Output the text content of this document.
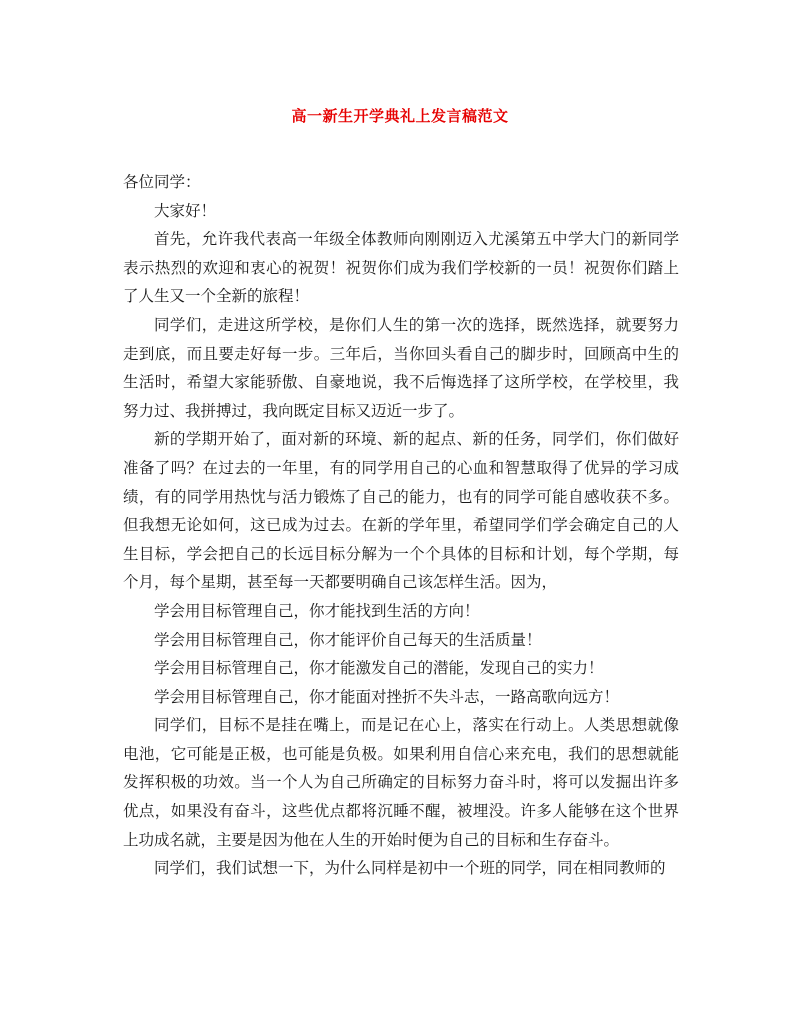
高一新生开学典礼上发言稿范文

各位同学：

大家好！

首先，允许我代表高一年级全体教师向刚刚迈入尤溪第五中学大门的新同学表示热烈的欢迎和衷心的祝贺！祝贺你们成为我们学校新的一员！祝贺你们踏上了人生又一个全新的旅程！

同学们，走进这所学校，是你们人生的第一次的选择，既然选择，就要努力走到底，而且要走好每一步。三年后，当你回头看自己的脚步时，回顾高中生的生活时，希望大家能骄傲、自豪地说，我不后悔选择了这所学校，在学校里，我努力过、我拼搏过，我向既定目标又迈近一步了。

新的学期开始了，面对新的环境、新的起点、新的任务，同学们，你们做好准备了吗？在过去的一年里，有的同学用自己的心血和智慧取得了优异的学习成绩，有的同学用热忱与活力锻炼了自己的能力，也有的同学可能自感收获不多。但我想无论如何，这已成为过去。在新的学年里，希望同学们学会确定自己的人生目标，学会把自己的长远目标分解为一个个具体的目标和计划，每个学期，每个月，每个星期，甚至每一天都要明确自己该怎样生活。因为，

学会用目标管理自己，你才能找到生活的方向！

学会用目标管理自己，你才能评价自己每天的生活质量！

学会用目标管理自己，你才能激发自己的潜能，发现自己的实力！

学会用目标管理自己，你才能面对挫折不失斗志，一路高歌向远方！

同学们，目标不是挂在嘴上，而是记在心上，落实在行动上。人类思想就像电池，它可能是正极，也可能是负极。如果利用自信心来充电，我们的思想就能发挥积极的功效。当一个人为自己所确定的目标努力奋斗时，将可以发掘出许多优点，如果没有奋斗，这些优点都将沉睡不醒，被埋没。许多人能够在这个世界上功成名就，主要是因为他在人生的开始时便为自己的目标和生存奋斗。

同学们，我们试想一下，为什么同样是初中一个班的同学，同在相同教师的
